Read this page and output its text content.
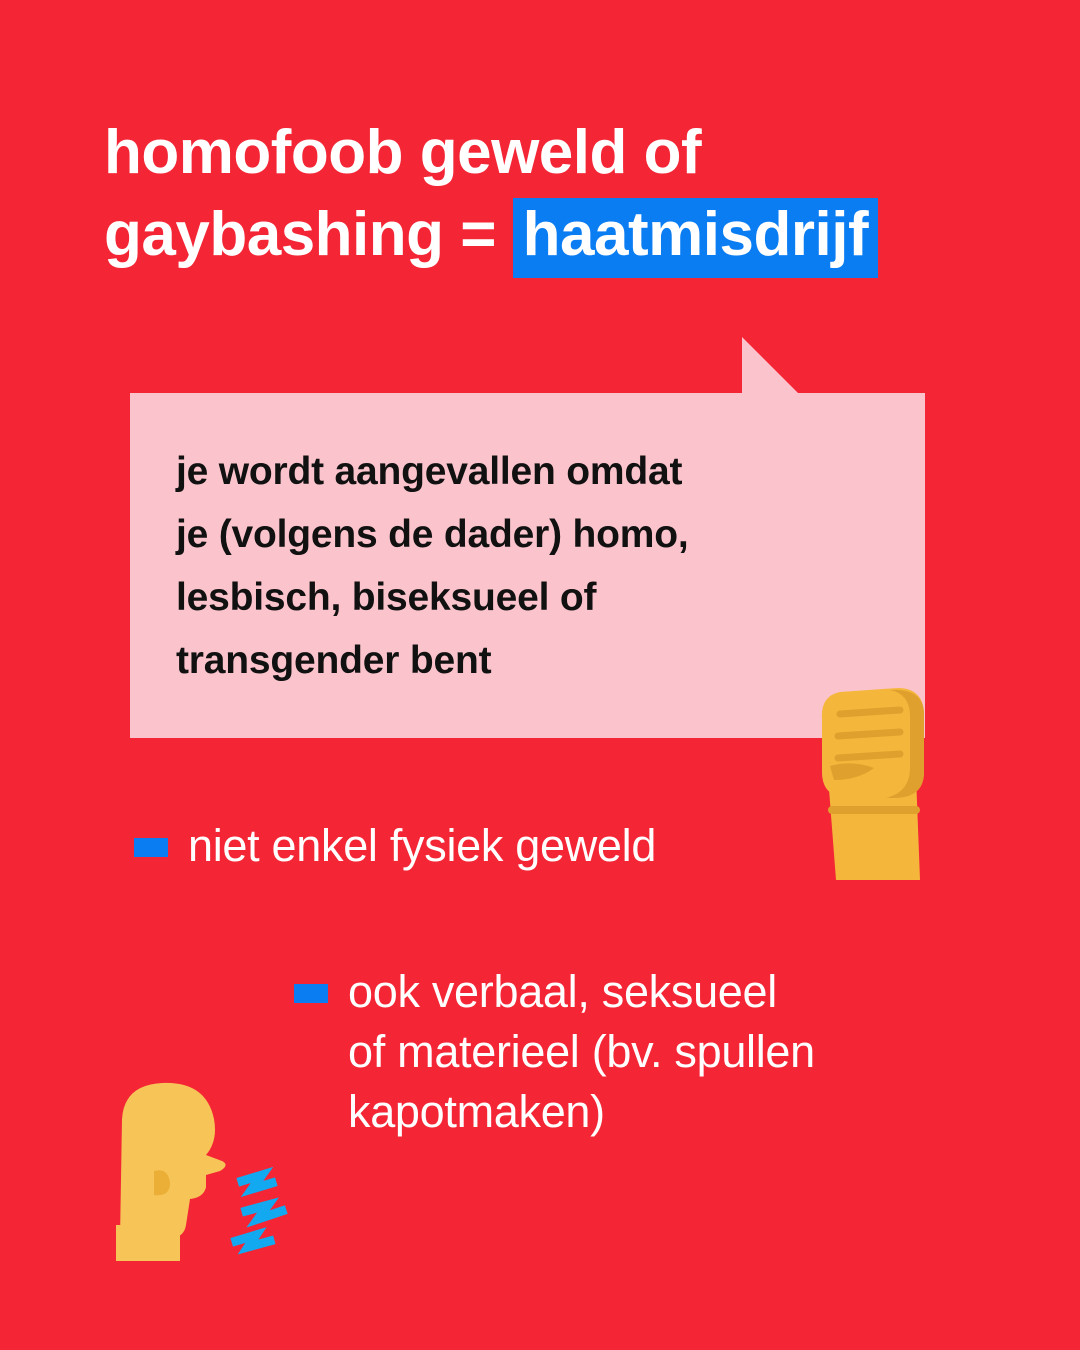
homofoob geweld of
gaybashing = haatmisdrijf
je wordt aangevallen omdat
je (volgens de dader) homo,
lesbisch, biseksueel of
transgender bent
niet enkel fysiek geweld
ook verbaal, seksueel
of materieel (bv. spullen
kapotmaken)
